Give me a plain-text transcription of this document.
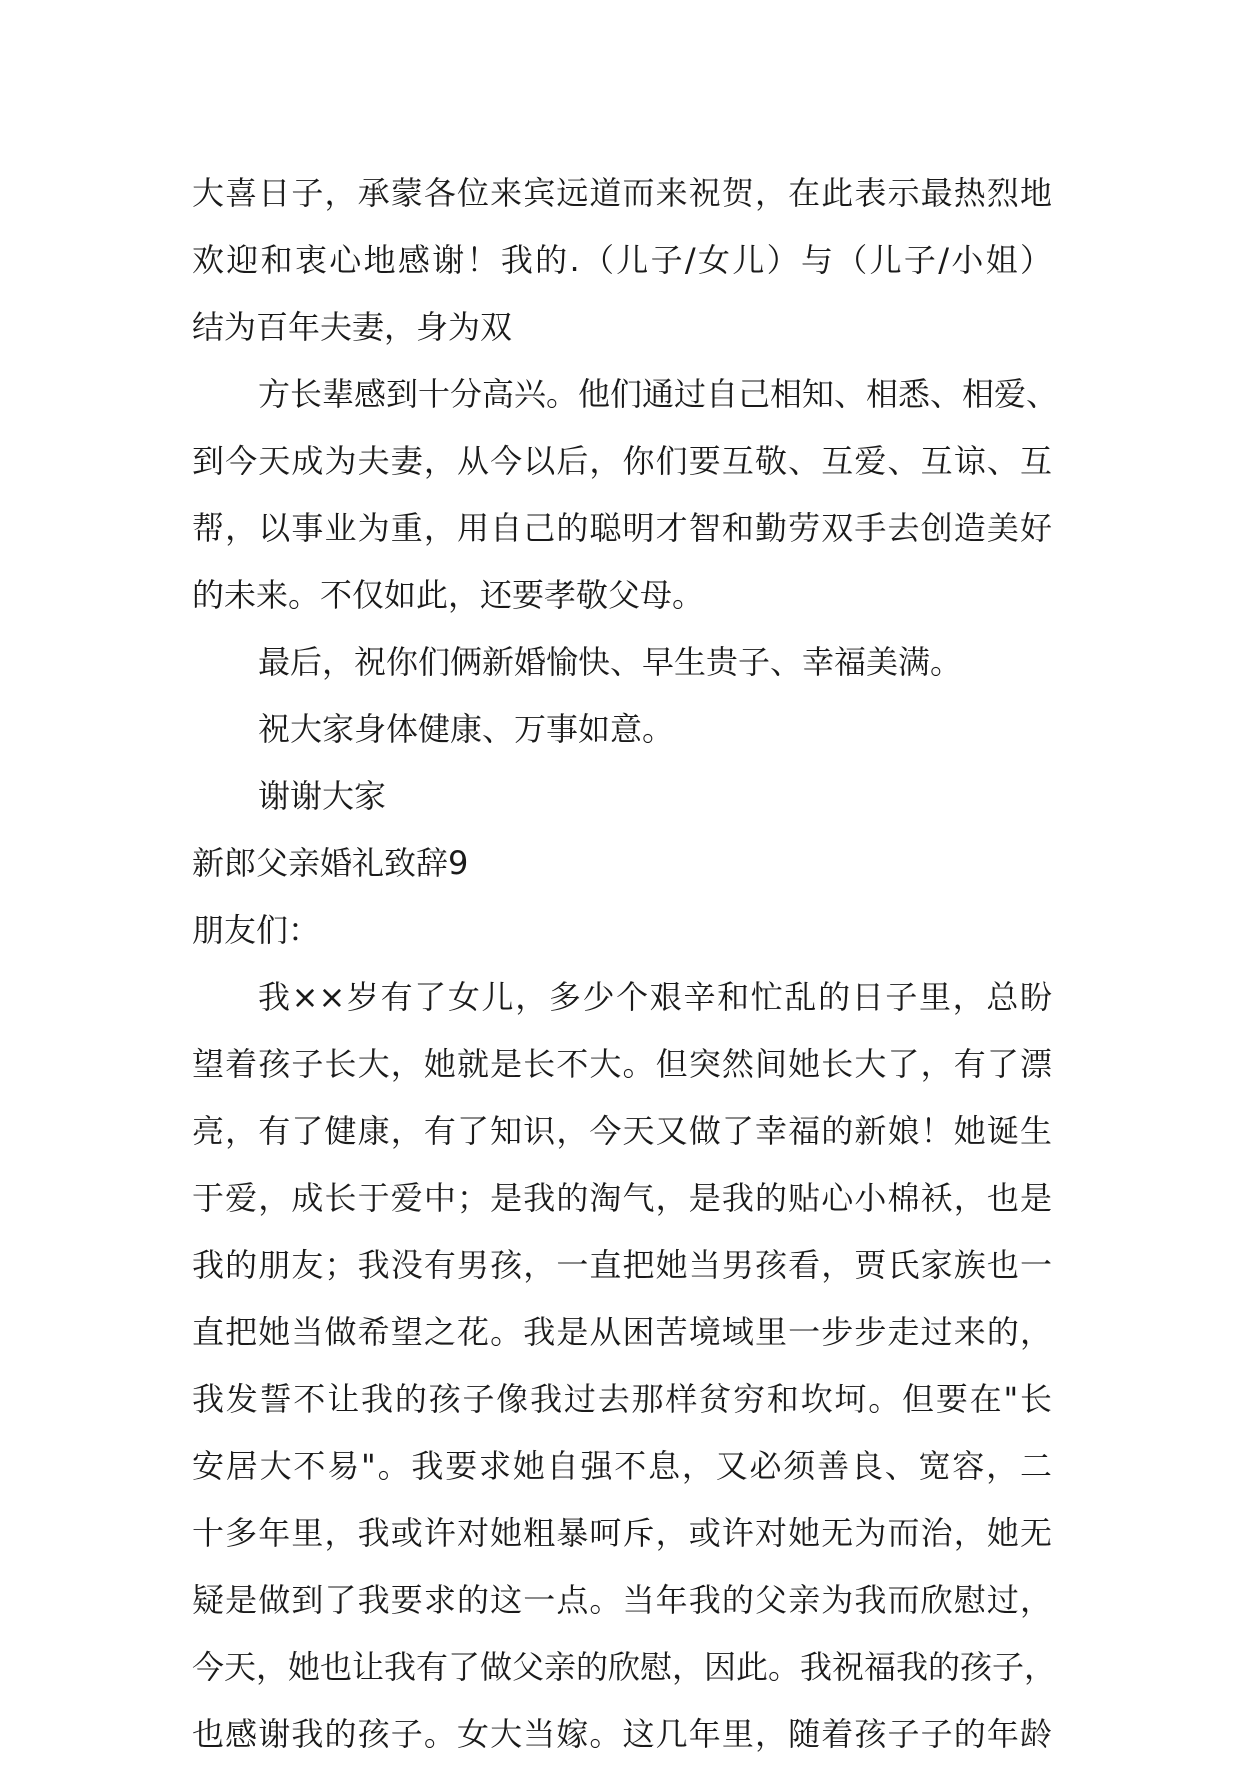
大喜日子，承蒙各位来宾远道而来祝贺，在此表示最热烈地
欢迎和衷心地感谢！我的.（儿子/女儿）与（儿子/小姐）
结为百年夫妻，身为双
方长辈感到十分高兴。他们通过自己相知、相悉、相爱、
到今天成为夫妻，从今以后，你们要互敬、互爱、互谅、互
帮，以事业为重，用自己的聪明才智和勤劳双手去创造美好
的未来。不仅如此，还要孝敬父母。
最后，祝你们俩新婚愉快、早生贵子、幸福美满。
祝大家身体健康、万事如意。
谢谢大家
新郎父亲婚礼致辞9
朋友们：
我××岁有了女儿，多少个艰辛和忙乱的日子里，总盼
望着孩子长大，她就是长不大。但突然间她长大了，有了漂
亮，有了健康，有了知识，今天又做了幸福的新娘！她诞生
于爱，成长于爱中；是我的淘气，是我的贴心小棉袄，也是
我的朋友；我没有男孩，一直把她当男孩看，贾氏家族也一
直把她当做希望之花。我是从困苦境域里一步步走过来的，
我发誓不让我的孩子像我过去那样贫穷和坎坷。但要在"长
安居大不易"。我要求她自强不息，又必须善良、宽容，二
十多年里，我或许对她粗暴呵斥，或许对她无为而治，她无
疑是做到了我要求的这一点。当年我的父亲为我而欣慰过，
今天，她也让我有了做父亲的欣慰，因此。我祝福我的孩子，
也感谢我的孩子。女大当嫁。这几年里，随着孩子子的年龄
